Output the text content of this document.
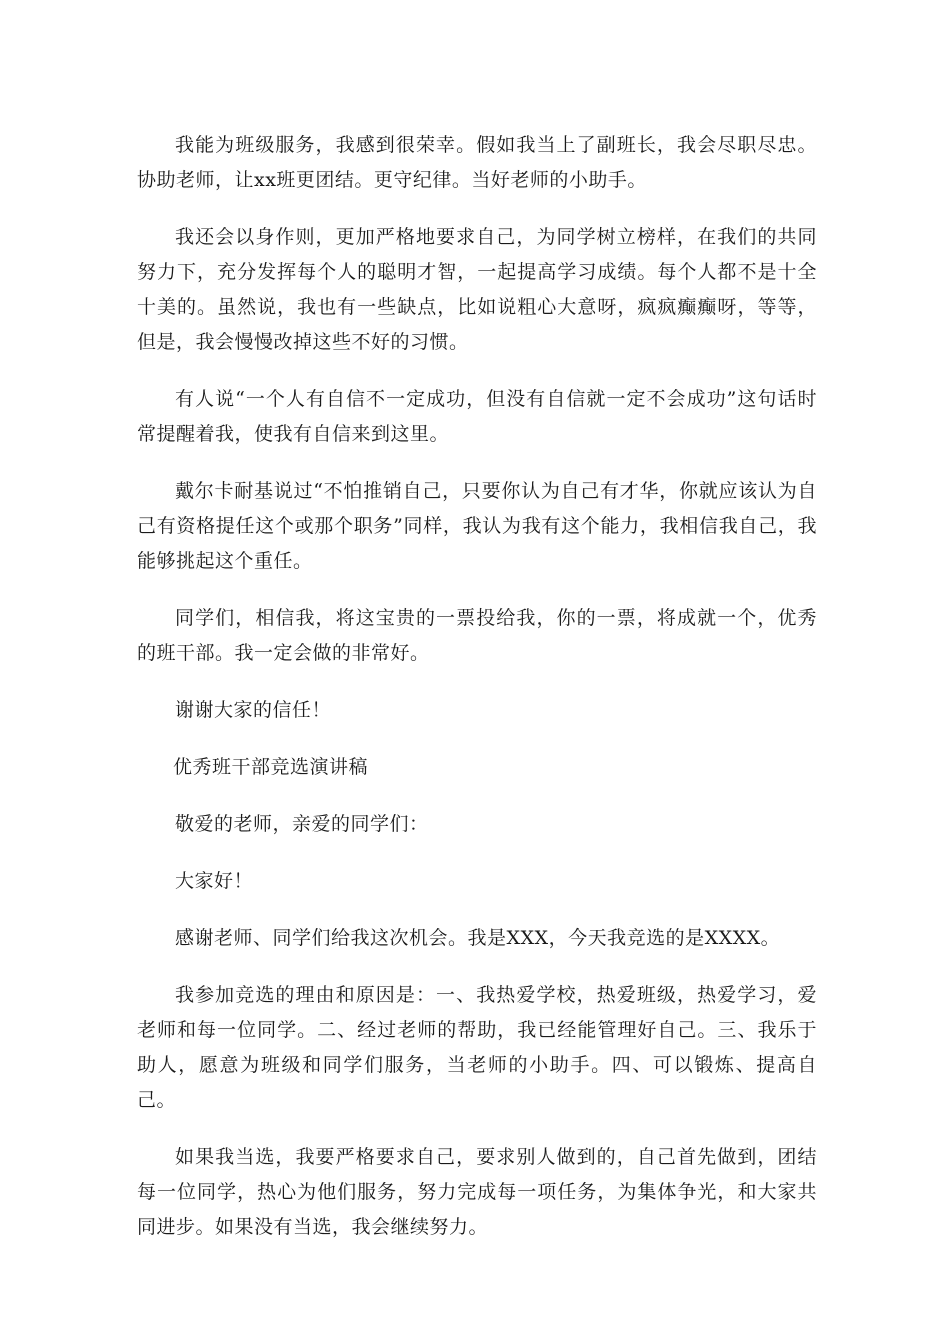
我能为班级服务，我感到很荣幸。假如我当上了副班长，我会尽职尽忠。协助老师，让xx班更团结。更守纪律。当好老师的小助手。

我还会以身作则，更加严格地要求自己，为同学树立榜样，在我们的共同努力下，充分发挥每个人的聪明才智，一起提高学习成绩。每个人都不是十全十美的。虽然说，我也有一些缺点，比如说粗心大意呀，疯疯癫癫呀，等等，但是，我会慢慢改掉这些不好的习惯。

有人说“一个人有自信不一定成功，但没有自信就一定不会成功”这句话时常提醒着我，使我有自信来到这里。

戴尔卡耐基说过“不怕推销自己，只要你认为自己有才华，你就应该认为自己有资格提任这个或那个职务”同样，我认为我有这个能力，我相信我自己，我能够挑起这个重任。

同学们，相信我，将这宝贵的一票投给我，你的一票，将成就一个，优秀的班干部。我一定会做的非常好。

谢谢大家的信任！

优秀班干部竞选演讲稿

敬爱的老师，亲爱的同学们：

大家好！

感谢老师、同学们给我这次机会。我是XXX，今天我竞选的是XXXX。

我参加竞选的理由和原因是：一、我热爱学校，热爱班级，热爱学习，爱老师和每一位同学。二、经过老师的帮助，我已经能管理好自己。三、我乐于助人，愿意为班级和同学们服务，当老师的小助手。四、可以锻炼、提高自己。

如果我当选，我要严格要求自己，要求别人做到的，自己首先做到，团结每一位同学，热心为他们服务，努力完成每一项任务，为集体争光，和大家共同进步。如果没有当选，我会继续努力。
